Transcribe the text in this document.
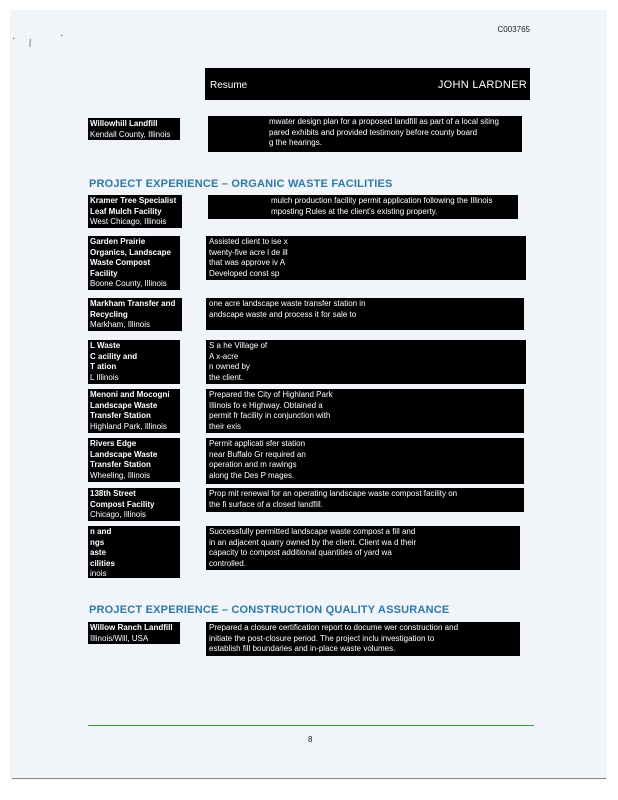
· ⁄
·
C003765
Resume	JOHN LARDNER
Willowhill Landfill
Kendall County, Illinois
mwater design plan for a proposed landfill as part of a local siting
pared exhibits and provided testimony before county board
g the hearings.
PROJECT EXPERIENCE – ORGANIC WASTE FACILITIES
Kramer Tree Specialist
Leaf Mulch Facility
West Chicago, Illinois
mulch production facility permit application following the Illinois
mposting Rules at the client's existing property.
Garden Prairie
Organics, Landscape
Waste Compost
Facility
Boone County, Illinois
Assisted client to ise x
twenty-five acre l de ill
that was approve iv A
Developed const sp
Markham Transfer and
Recycling
Markham, Illinois
one acre landscape waste transfer station in
andscape waste and process it for sale to
L Waste
C acility and
T ation
L Illinois
S a he Village of
A x-acre
n owned by
the client.
Menoni and Mocogni
Landscape Waste
Transfer Station
Highland Park, Illinois
Prepared the City of Highland Park
Illinois fo e Highway. Obtained a
permit fr facility in conjunction with
their exis
Rivers Edge
Landscape Waste
Transfer Station
Wheeling, Illinois
Permit applicati sfer station
near Buffalo Gr required an
operation and m rawings
along the Des P mages.
138th Street
Compost Facility
Chicago, Illinois
Prop mit renewal for an operating landscape waste compost facility on
the fi surface of a closed landfill.
n and
ngs
aste
cilities
inois
Successfully permitted landscape waste compost a fill and
in an adjacent quarry owned by the client. Client wa d their
capacity to compost additional quantities of yard wa
controlled.
PROJECT EXPERIENCE – CONSTRUCTION QUALITY ASSURANCE
Willow Ranch Landfill
Illinois/Will, USA
Prepared a closure certification report to docume wer construction and
initiate the post-closure period. The project inclu investigation to
establish fill boundaries and in-place waste volumes.
8
